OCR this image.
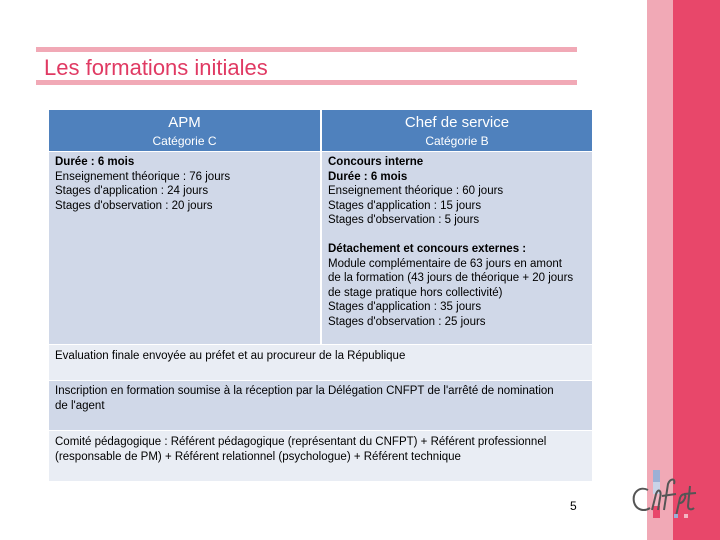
Les formations initiales
APM
Catégorie C
Chef de service
Catégorie B
Durée : 6 mois
Enseignement théorique : 76 jours
Stages d'application : 24 jours
Stages d'observation : 20 jours
Concours interne
Durée : 6 mois
Enseignement théorique : 60 jours
Stages d'application : 15 jours
Stages d'observation : 5 jours
Détachement et concours externes :
Module complémentaire de 63 jours en amont
de la formation (43 jours de théorique + 20 jours
de stage pratique hors collectivité)
Stages d'application : 35 jours
Stages d'observation : 25 jours
Evaluation finale envoyée au préfet et au procureur de la République
Inscription en formation soumise à la réception par la Délégation CNFPT de l'arrêté de nomination
de l'agent
Comité pédagogique : Référent pédagogique (représentant du CNFPT) + Référent professionnel
(responsable de PM) + Référent relationnel (psychologue) + Référent technique
5
